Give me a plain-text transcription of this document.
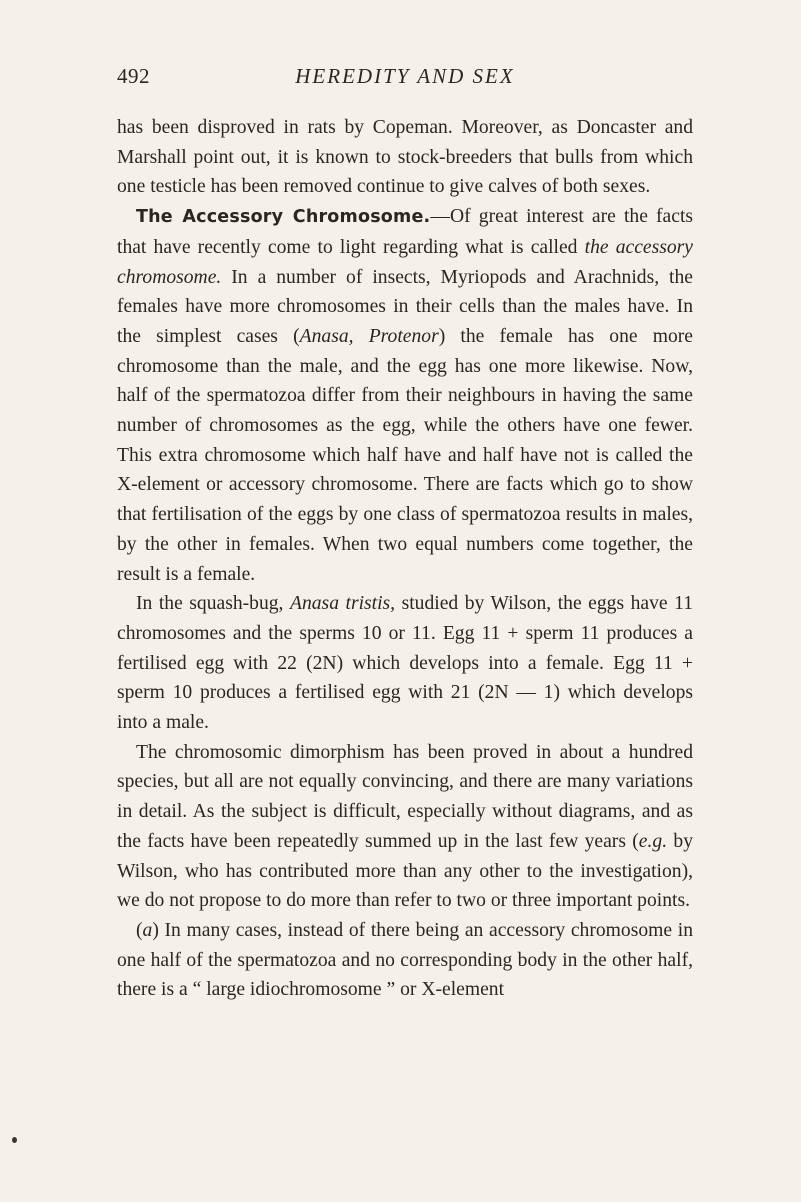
492	HEREDITY AND SEX

has been disproved in rats by Copeman. Moreover, as Doncaster and Marshall point out, it is known to stock-breeders that bulls from which one testicle has been removed continue to give calves of both sexes.

The Accessory Chromosome.—Of great interest are the facts that have recently come to light regarding what is called the accessory chromosome. In a number of insects, Myriopods and Arachnids, the females have more chromosomes in their cells than the males have. In the simplest cases (Anasa, Protenor) the female has one more chromosome than the male, and the egg has one more likewise. Now, half of the spermatozoa differ from their neighbours in having the same number of chromosomes as the egg, while the others have one fewer. This extra chromosome which half have and half have not is called the X-element or accessory chromosome. There are facts which go to show that fertilisation of the eggs by one class of spermatozoa results in males, by the other in females. When two equal numbers come together, the result is a female.

In the squash-bug, Anasa tristis, studied by Wilson, the eggs have 11 chromosomes and the sperms 10 or 11. Egg 11 + sperm 11 produces a fertilised egg with 22 (2N) which develops into a female. Egg 11 + sperm 10 produces a fertilised egg with 21 (2N — 1) which develops into a male.

The chromosomic dimorphism has been proved in about a hundred species, but all are not equally convincing, and there are many variations in detail. As the subject is difficult, especially without diagrams, and as the facts have been repeatedly summed up in the last few years (e.g. by Wilson, who has contributed more than any other to the investigation), we do not propose to do more than refer to two or three important points.

(a) In many cases, instead of there being an accessory chromosome in one half of the spermatozoa and no corresponding body in the other half, there is a “ large idiochromosome ” or X-element
